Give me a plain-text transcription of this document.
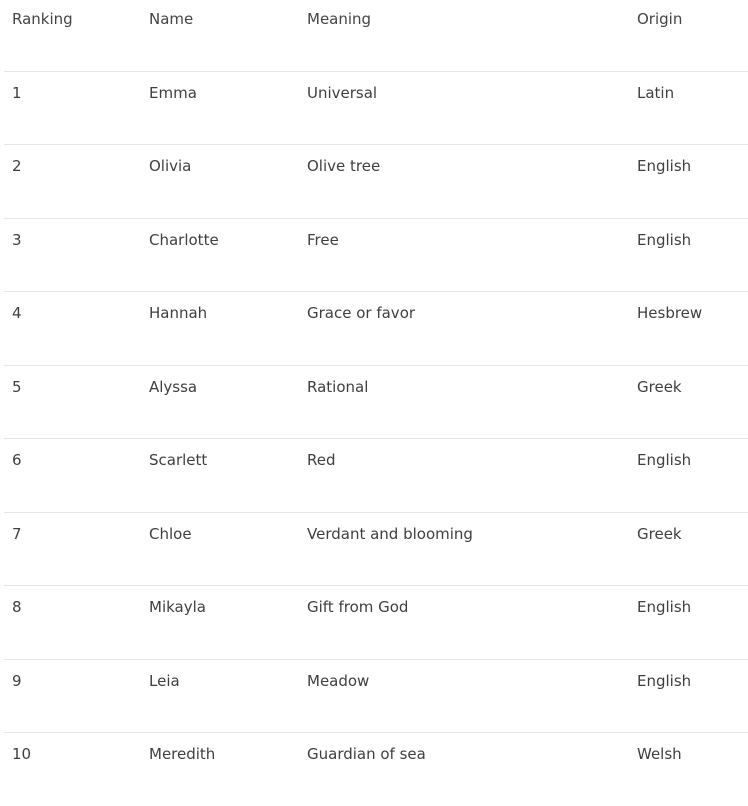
Ranking	Name	Meaning	Origin
1	Emma	Universal	Latin
2	Olivia	Olive tree	English
3	Charlotte	Free	English
4	Hannah	Grace or favor	Hesbrew
5	Alyssa	Rational	Greek
6	Scarlett	Red	English
7	Chloe	Verdant and blooming	Greek
8	Mikayla	Gift from God	English
9	Leia	Meadow	English
10	Meredith	Guardian of sea	Welsh
